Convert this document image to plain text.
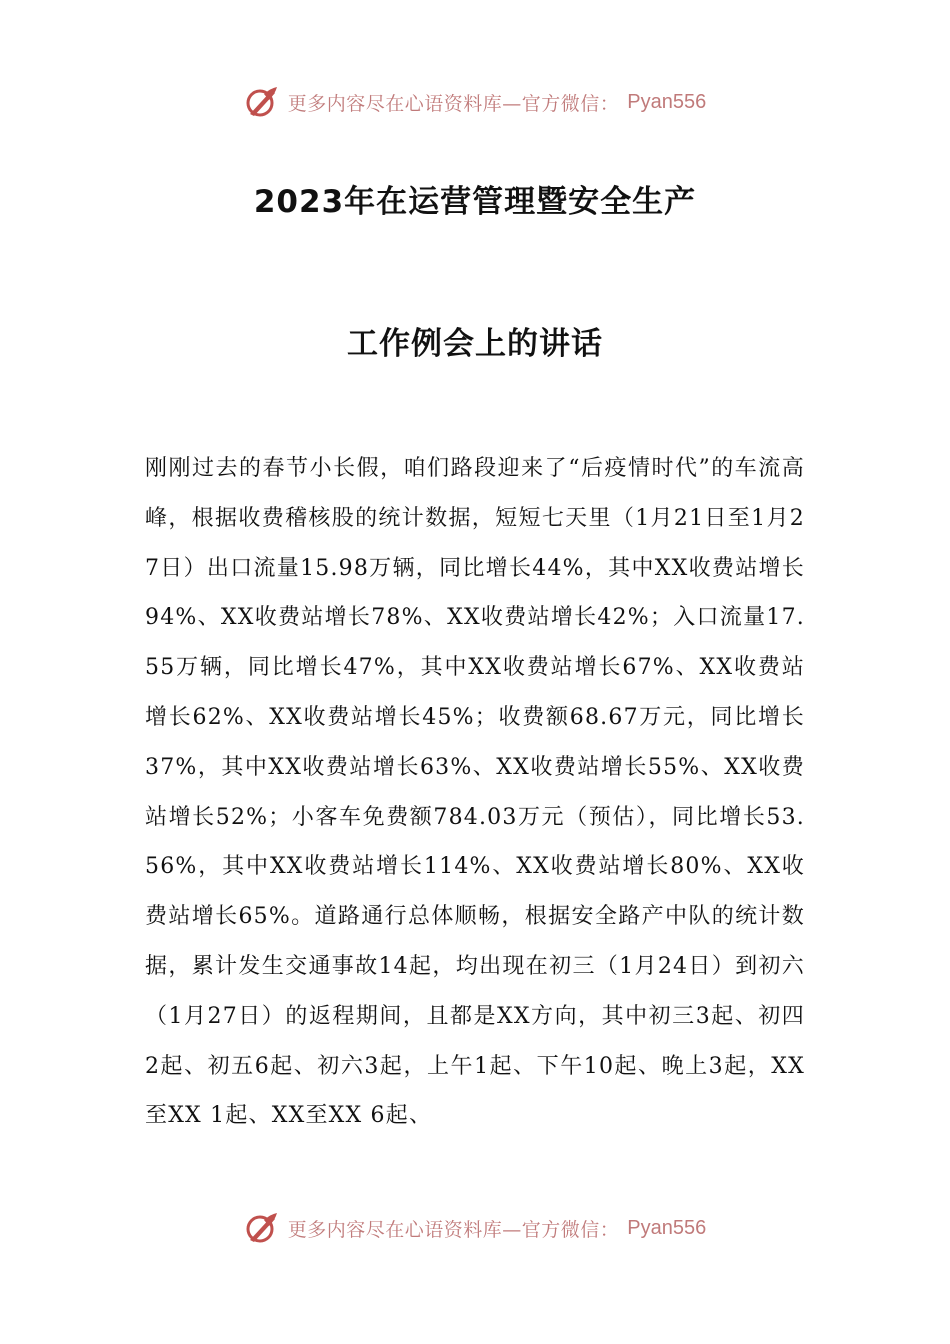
更多内容尽在心语资料库—官方微信： Pyan556
2023年在运营管理暨安全生产
工作例会上的讲话
刚刚过去的春节小长假，咱们路段迎来了“后疫情时代”的车流高峰，根据收费稽核股的统计数据，短短七天里（1月21日至1月27日）出口流量15.98万辆，同比增长44%，其中XX收费站增长94%、XX收费站增长78%、XX收费站增长42%；入口流量17.55万辆，同比增长47%，其中XX收费站增长67%、XX收费站增长62%、XX收费站增长45%；收费额68.67万元，同比增长37%，其中XX收费站增长63%、XX收费站增长55%、XX收费站增长52%；小客车免费额784.03万元（预估），同比增长53.56%，其中XX收费站增长114%、XX收费站增长80%、XX收费站增长65%。道路通行总体顺畅，根据安全路产中队的统计数据，累计发生交通事故14起，均出现在初三（1月24日）到初六（1月27日）的返程期间，且都是XX方向，其中初三3起、初四2起、初五6起、初六3起，上午1起、下午10起、晚上3起，XX至XX 1起、XX至XX 6起、
更多内容尽在心语资料库—官方微信： Pyan556
